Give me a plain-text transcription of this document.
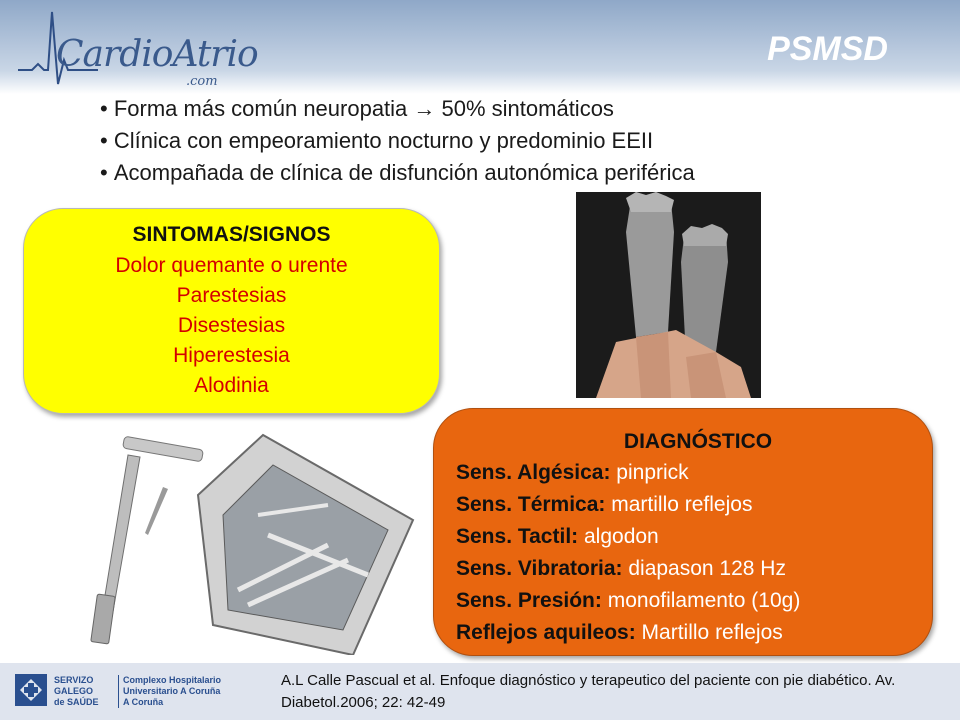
CardioAtrio
.com
PSMSD
• Forma más común neuropatia → 50% sintomáticos
• Clínica con empeoramiento nocturno y predominio EEII
• Acompañada de clínica de disfunción autonómica periférica
SINTOMAS/SIGNOS
Dolor quemante o urente
Parestesias
Disestesias
Hiperestesia
Alodinia
DIAGNÓSTICO
Sens. Algésica: pinprick
Sens. Térmica: martillo reflejos
Sens. Tactil: algodon
Sens. Vibratoria: diapason 128 Hz
Sens. Presión: monofilamento (10g)
Reflejos aquileos: Martillo reflejos
SERVIZO
GALEGO
de SAÚDE
Complexo Hospitalario
Universitario A Coruña
A Coruña
A.L Calle Pascual et al. Enfoque diagnóstico y terapeutico del paciente con pie diabético. Av. Diabetol.2006; 22: 42-49
